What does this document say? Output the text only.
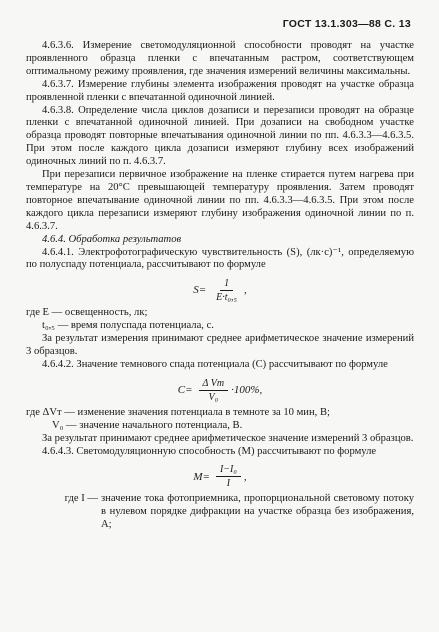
ГОСТ 13.1.303—88 С. 13

4.6.3.6. Измерение светомодуляционной способности проводят на участке проявленного образца пленки с впечатанным растром, соответствующем оптимальному режиму проявления, где значения измерений величины максимальны.

4.6.3.7. Измерение глубины элемента изображения проводят на участке образца проявленной пленки с впечатанной одиночной линией.

4.6.3.8. Определение числа циклов дозаписи и перезаписи проводят на образце пленки с впечатанной одиночной линией. При дозаписи на свободном участке образца проводят повторные впечатывания одиночной линии по пп. 4.6.3.3—4.6.3.5. При этом после каждого цикла дозаписи измеряют глубину всех изображений одиночных линий по п. 4.6.3.7.

При перезаписи первичное изображение на пленке стирается путем нагрева при температуре на 20°С превышающей температуру проявления. Затем проводят повторное впечатывание одиночной линии по пп. 4.6.3.3—4.6.3.5. При этом после каждого цикла перезаписи измеряют глубину изображения одиночной линии по п. 4.6.3.7.

4.6.4. Обработка результатов

4.6.4.1. Электрофотографическую чувствительность (S), (лк·с)⁻¹, определяемую по полуспаду потенциала, рассчитывают по формуле

$S= \frac{1}{\text{E·t₀,₅}}$ ,

где E — освещенность, лк;

t₀,₅ — время полуспада потенциала, с.

За результат измерения принимают среднее арифметическое значение измерений 3 образцов.

4.6.4.2. Значение темнового спада потенциала (С) рассчитывают по формуле

$C= \frac{\text{Δ Vт}}{\text{V₀}} \cdot 100\%$,

где ΔVт — изменение значения потенциала в темноте за 10 мин, В;

V₀ — значение начального потенциала, В.

За результат принимают среднее арифметическое значение измерений 3 образцов.

4.6.4.3. Светомодуляционную способность (М) рассчитывают по формуле

$M= \frac{\text{I−I₀}}{I}$ ,
где I — значение тока фотоприемника, пропорциональной световому потоку в нулевом порядке дифракции на участке образца без изображения, А;
